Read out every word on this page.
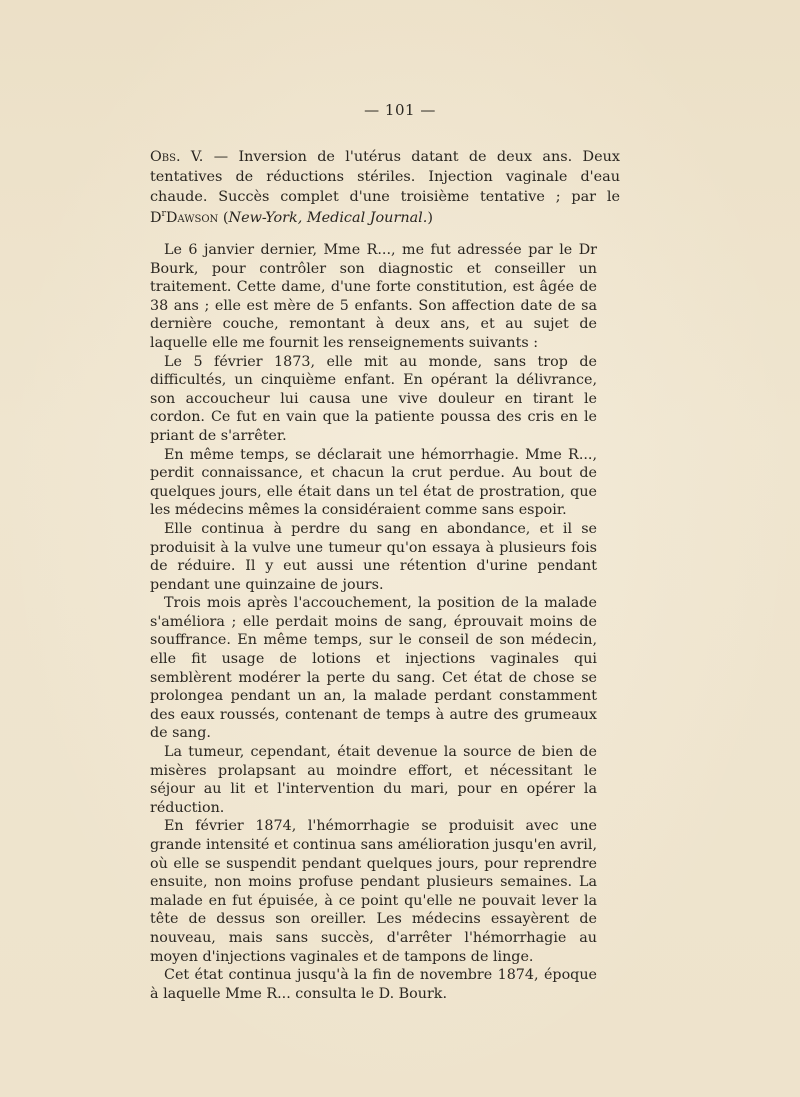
— 101 —

Obs. V. — Inversion de l'utérus datant de deux ans. Deux tentatives de réductions stériles. Injection vaginale d'eau chaude. Succès complet d'une troisième tentative ; par le $D^rDawson$ (New-York, Medical Journal.)

Le 6 janvier dernier, Mme R..., me fut adressée par le Dr Bourk, pour contrôler son diagnostic et conseiller un traitement. Cette dame, d'une forte constitution, est âgée de 38 ans ; elle est mère de 5 enfants. Son affection date de sa dernière couche, remontant à deux ans, et au sujet de laquelle elle me fournit les renseignements suivants :

Le 5 février 1873, elle mit au monde, sans trop de difficultés, un cinquième enfant. En opérant la délivrance, son accoucheur lui causa une vive douleur en tirant le cordon. Ce fut en vain que la patiente poussa des cris en le priant de s'arrêter.

En même temps, se déclarait une hémorrhagie. Mme R..., perdit connaissance, et chacun la crut perdue. Au bout de quelques jours, elle était dans un tel état de prostration, que les médecins mêmes la considéraient comme sans espoir.

Elle continua à perdre du sang en abondance, et il se produisit à la vulve une tumeur qu'on essaya à plusieurs fois de réduire. Il y eut aussi une rétention d'urine pendant pendant une quinzaine de jours.

Trois mois après l'accouchement, la position de la malade s'améliora ; elle perdait moins de sang, éprouvait moins de souffrance. En même temps, sur le conseil de son médecin, elle fit usage de lotions et injections vaginales qui semblèrent modérer la perte du sang. Cet état de chose se prolongea pendant un an, la malade perdant constamment des eaux roussés, contenant de temps à autre des grumeaux de sang.

La tumeur, cependant, était devenue la source de bien de misères prolapsant au moindre effort, et nécessitant le séjour au lit et l'intervention du mari, pour en opérer la réduction.

En février 1874, l'hémorrhagie se produisit avec une grande intensité et continua sans amélioration jusqu'en avril, où elle se suspendit pendant quelques jours, pour reprendre ensuite, non moins profuse pendant plusieurs semaines. La malade en fut épuisée, à ce point qu'elle ne pouvait lever la tête de dessus son oreiller. Les médecins essayèrent de nouveau, mais sans succès, d'arrêter l'hémorrhagie au moyen d'injections vaginales et de tampons de linge.

Cet état continua jusqu'à la fin de novembre 1874, époque à laquelle Mme R... consulta le D. Bourk.
